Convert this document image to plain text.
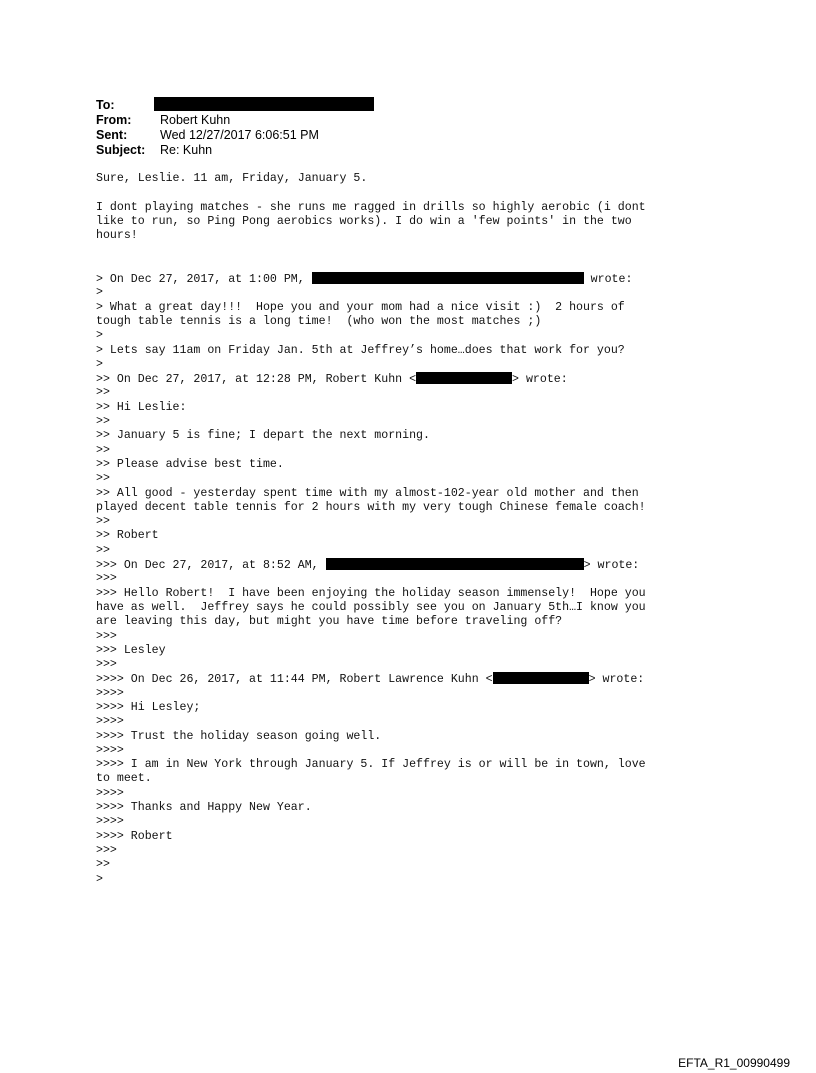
To:
From: Robert Kuhn
Sent:	Wed 12/27/2017 6:06:51 PM
Subject: Re: Kuhn
Sure, Leslie. 11 am, Friday, January 5.
I dont playing matches - she runs me ragged in drills so highly aerobic (i dont
like to run, so Ping Pong aerobics works). I do win a 'few points' in the two
hours!
> On Dec 27, 2017, at 1:00 PM,	wrote:
>
> What a great day!!!  Hope you and your mom had a nice visit :)  2 hours of
tough table tennis is a long time!  (who won the most matches ;)
>
> Lets say 11am on Friday Jan. 5th at Jeffrey’s home…does that work for you?
>
>> On Dec 27, 2017, at 12:28 PM, Robert Kuhn <	> wrote:
>>
>> Hi Leslie:
>>
>> January 5 is fine; I depart the next morning.
>>
>> Please advise best time.
>>
>> All good - yesterday spent time with my almost-102-year old mother and then
played decent table tennis for 2 hours with my very tough Chinese female coach!
>>
>> Robert
>>
>>> On Dec 27, 2017, at 8:52 AM,	> wrote:
>>>
>>> Hello Robert!  I have been enjoying the holiday season immensely!  Hope you
have as well.  Jeffrey says he could possibly see you on January 5th…I know you
are leaving this day, but might you have time before traveling off?
>>>
>>> Lesley
>>>
>>>> On Dec 26, 2017, at 11:44 PM, Robert Lawrence Kuhn <	> wrote:
>>>>
>>>> Hi Lesley;
>>>>
>>>> Trust the holiday season going well.
>>>>
>>>> I am in New York through January 5. If Jeffrey is or will be in town, love
to meet.
>>>>
>>>> Thanks and Happy New Year.
>>>>
>>>> Robert
>>>
>>
>
EFTA_R1_00990499
